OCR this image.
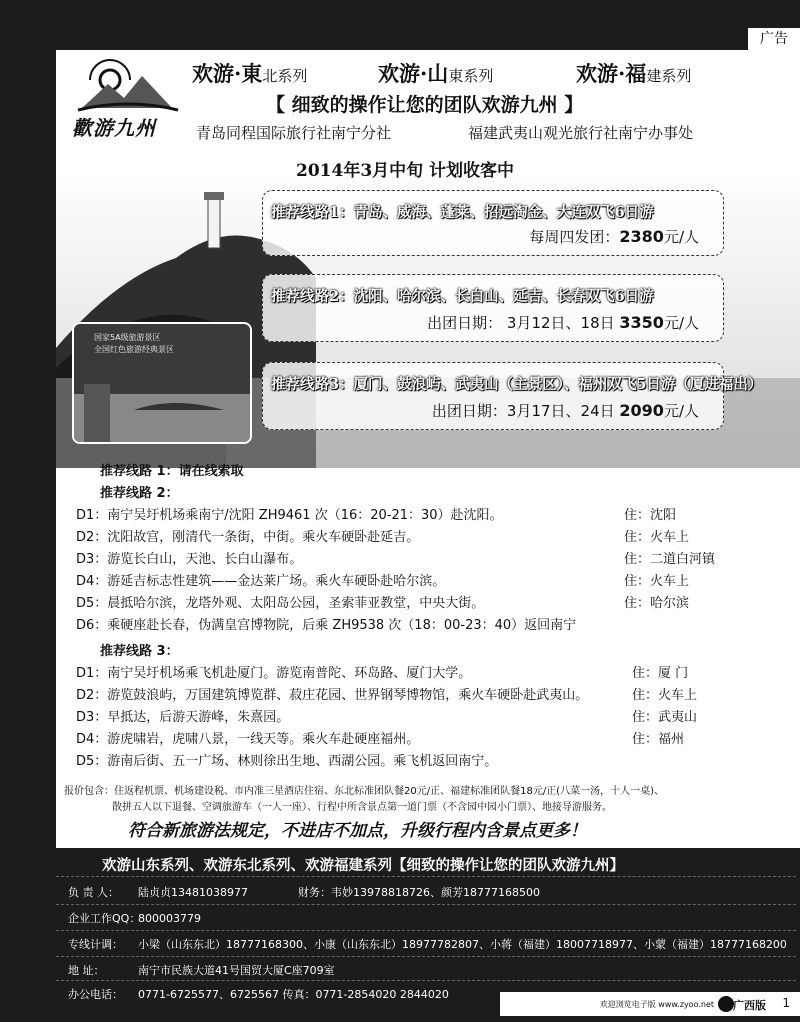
广告
歡游九州
欢游·東北系列	欢游·山東系列	欢游·福建系列
【 细致的操作让您的团队欢游九州 】
青岛同程国际旅行社南宁分社	福建武夷山观光旅行社南宁办事处
推荐线路1：青岛、威海、蓬莱、招远淘金、大连双飞6日游
每周四发团：2380元/人
推荐线路2：沈阳、哈尔滨、长白山、延吉、长春双飞6日游
出团日期： 3月12日、18日 3350元/人
推荐线路3：厦门、鼓浪屿、武夷山（主景区）、福州双飞5日游（厦进福出）
出团日期：3月17日、24日 2090元/人
国家5A级旅游景区
全国红色旅游经典景区
2014年3月中旬 计划收客中
推荐线路 1：请在线索取
推荐线路 2：
D1：南宁吴圩机场乘南宁/沈阳 ZH9461 次（16：20-21：30）赴沈阳。	住：沈阳
D2：沈阳故宫，刚清代一条街，中街。乘火车硬卧赴延吉。	住：火车上
D3：游览长白山，天池、长白山瀑布。	住：二道白河镇
D4：游延吉标志性建筑——金达莱广场。乘火车硬卧赴哈尔滨。	住：火车上
D5：晨抵哈尔滨，龙塔外观、太阳岛公园，圣索菲亚教堂，中央大街。	住：哈尔滨
D6：乘硬座赴长春，伪满皇宫博物院，后乘 ZH9538 次（18：00-23：40）返回南宁
推荐线路 3：
D1：南宁吴圩机场乘飞机赴厦门。游览南普陀、环岛路、厦门大学。	住：厦 门
D2：游览鼓浪屿，万国建筑博览群、菽庄花园、世界钢琴博物馆，乘火车硬卧赴武夷山。	住：火车上
D3：早抵达，后游天游峰，朱熹园。	住：武夷山
D4：游虎啸岩，虎啸八景，一线天等。乘火车赴硬座福州。	住：福州
D5：游南后街、五一广场、林则徐出生地、西湖公园。乘飞机返回南宁。
报价包含：住返程机票、机场建设税、市内准三星酒店住宿、东北标准团队餐20元/正、福建标准团队餐18元/正(八菜一汤，十人一桌)、
散拼五人以下退餐、空调旅游车（一人一座）、行程中所含景点第一道门票（不含园中园小门票）、地接导游服务。
符合新旅游法规定，不进店不加点，升级行程内含景点更多！
欢游山东系列、欢游东北系列、欢游福建系列【细致的操作让您的团队欢游九州】
负 责 人： 陆贞贞13481038977	财务：韦妙13978818726、颜芳18777168500
企业工作QQ：800003779
专线计调： 小梁（山东东北）18777168300、小康（山东东北）18977782807、小蒋（福建）18007718977、小蒙（福建）18777168200
地 址：	南宁市民族大道41号国贸大厦C座709室
办公电话： 0771-6725577、6725567 传真：0771-2854020 2844020
欢迎浏览电子版 www.zyoo.net 广西版 1
